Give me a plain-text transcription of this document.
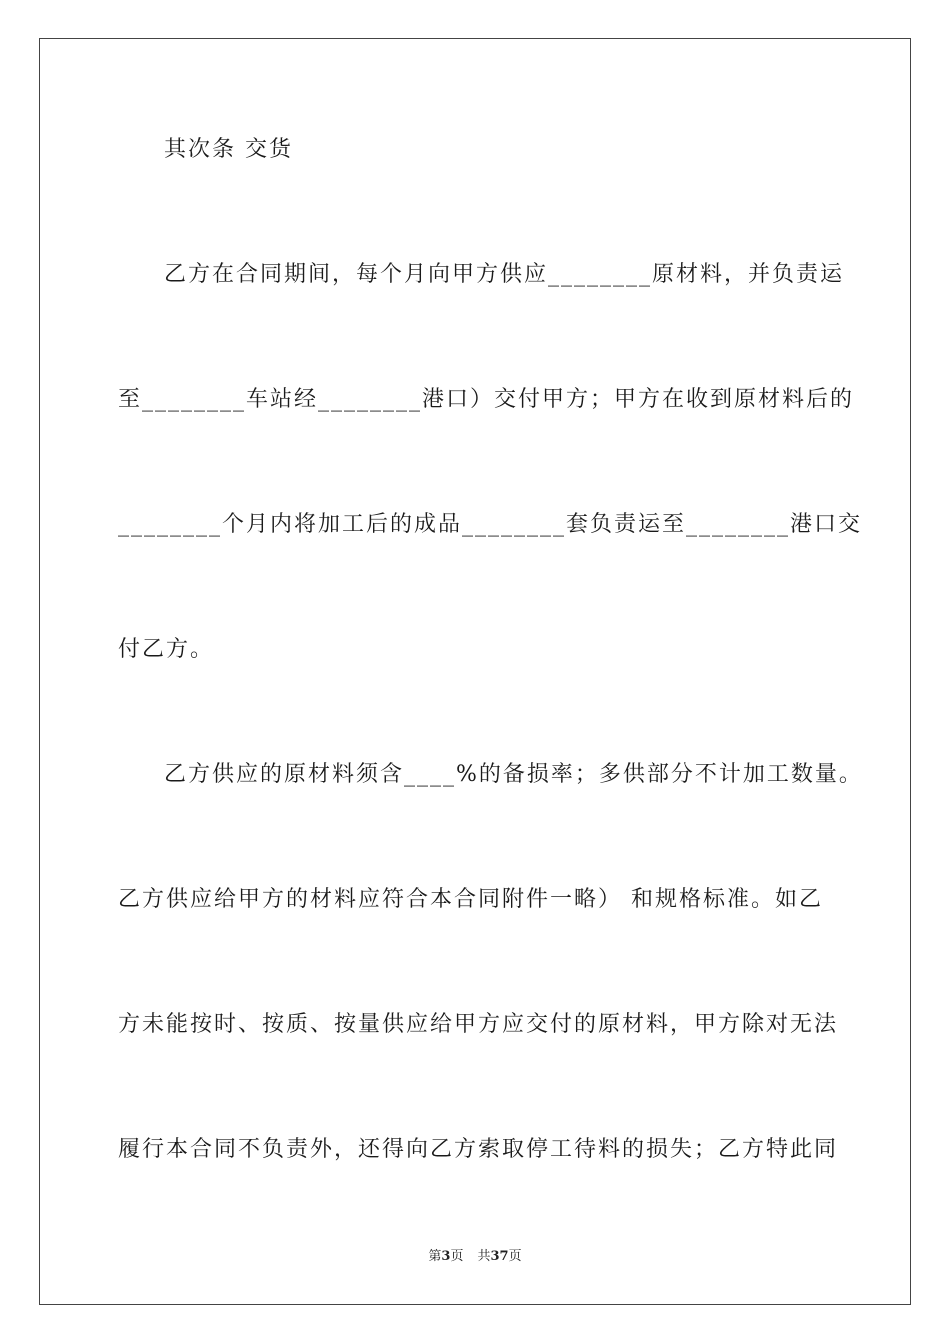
其次条 交货
乙方在合同期间，每个月向甲方供应________原材料，并负责运
至________车站经________港口）交付甲方；甲方在收到原材料后的
________个月内将加工后的成品________套负责运至________港口交
付乙方。
乙方供应的原材料须含____%的备损率；多供部分不计加工数量。
乙方供应给甲方的材料应符合本合同附件一略） 和规格标准。如乙
方未能按时、按质、按量供应给甲方应交付的原材料，甲方除对无法
履行本合同不负责外，还得向乙方索取停工待料的损失；乙方特此同
第3页 共37页
